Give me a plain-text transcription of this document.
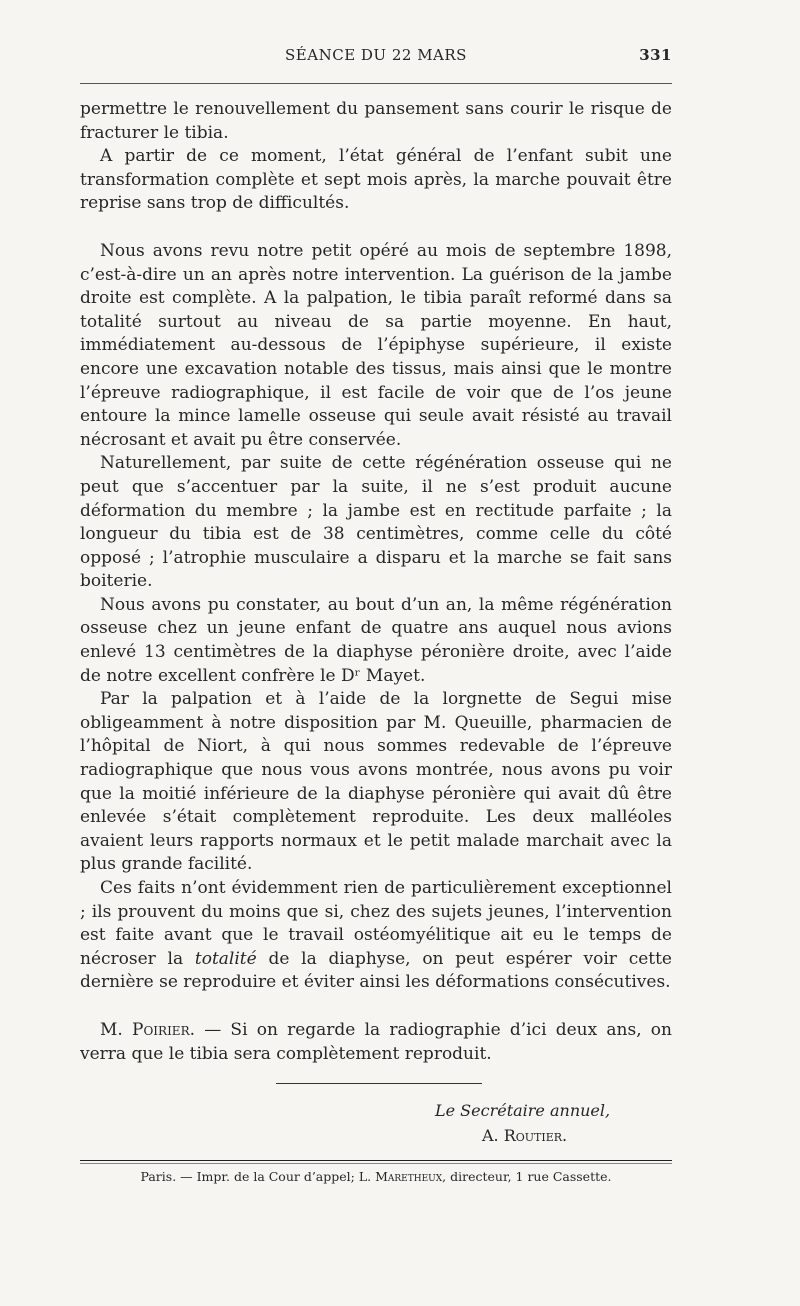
SÉANCE DU 22 MARS	331

permettre le renouvellement du pansement sans courir le risque de fracturer le tibia.

A partir de ce moment, l’état général de l’enfant subit une transformation complète et sept mois après, la marche pouvait être reprise sans trop de difficultés.

Nous avons revu notre petit opéré au mois de septembre 1898, c’est-à-dire un an après notre intervention. La guérison de la jambe droite est complète. A la palpation, le tibia paraît reformé dans sa totalité surtout au niveau de sa partie moyenne. En haut, immédiatement au-dessous de l’épiphyse supérieure, il existe encore une excavation notable des tissus, mais ainsi que le montre l’épreuve radiographique, il est facile de voir que de l’os jeune entoure la mince lamelle osseuse qui seule avait résisté au travail nécrosant et avait pu être conservée.

Naturellement, par suite de cette régénération osseuse qui ne peut que s’accentuer par la suite, il ne s’est produit aucune déformation du membre ; la jambe est en rectitude parfaite ; la longueur du tibia est de 38 centimètres, comme celle du côté opposé ; l’atrophie musculaire a disparu et la marche se fait sans boiterie.

Nous avons pu constater, au bout d’un an, la même régénération osseuse chez un jeune enfant de quatre ans auquel nous avions enlevé 13 centimètres de la diaphyse péronière droite, avec l’aide de notre excellent confrère le Dʳ Mayet.

Par la palpation et à l’aide de la lorgnette de Segui mise obligeamment à notre disposition par M. Queuille, pharmacien de l’hôpital de Niort, à qui nous sommes redevable de l’épreuve radiographique que nous vous avons montrée, nous avons pu voir que la moitié inférieure de la diaphyse péronière qui avait dû être enlevée s’était complètement reproduite. Les deux malléoles avaient leurs rapports normaux et le petit malade marchait avec la plus grande facilité.

Ces faits n’ont évidemment rien de particulièrement exceptionnel ; ils prouvent du moins que si, chez des sujets jeunes, l’intervention est faite avant que le travail ostéomyélitique ait eu le temps de nécroser la totalité de la diaphyse, on peut espérer voir cette dernière se reproduire et éviter ainsi les déformations consécutives.

M. Poirier. — Si on regarde la radiographie d’ici deux ans, on verra que le tibia sera complètement reproduit.

Le Secrétaire annuel,
A. Routier.
Paris. — Impr. de la Cour d’appel; L. Maretheux, directeur, 1 rue Cassette.
